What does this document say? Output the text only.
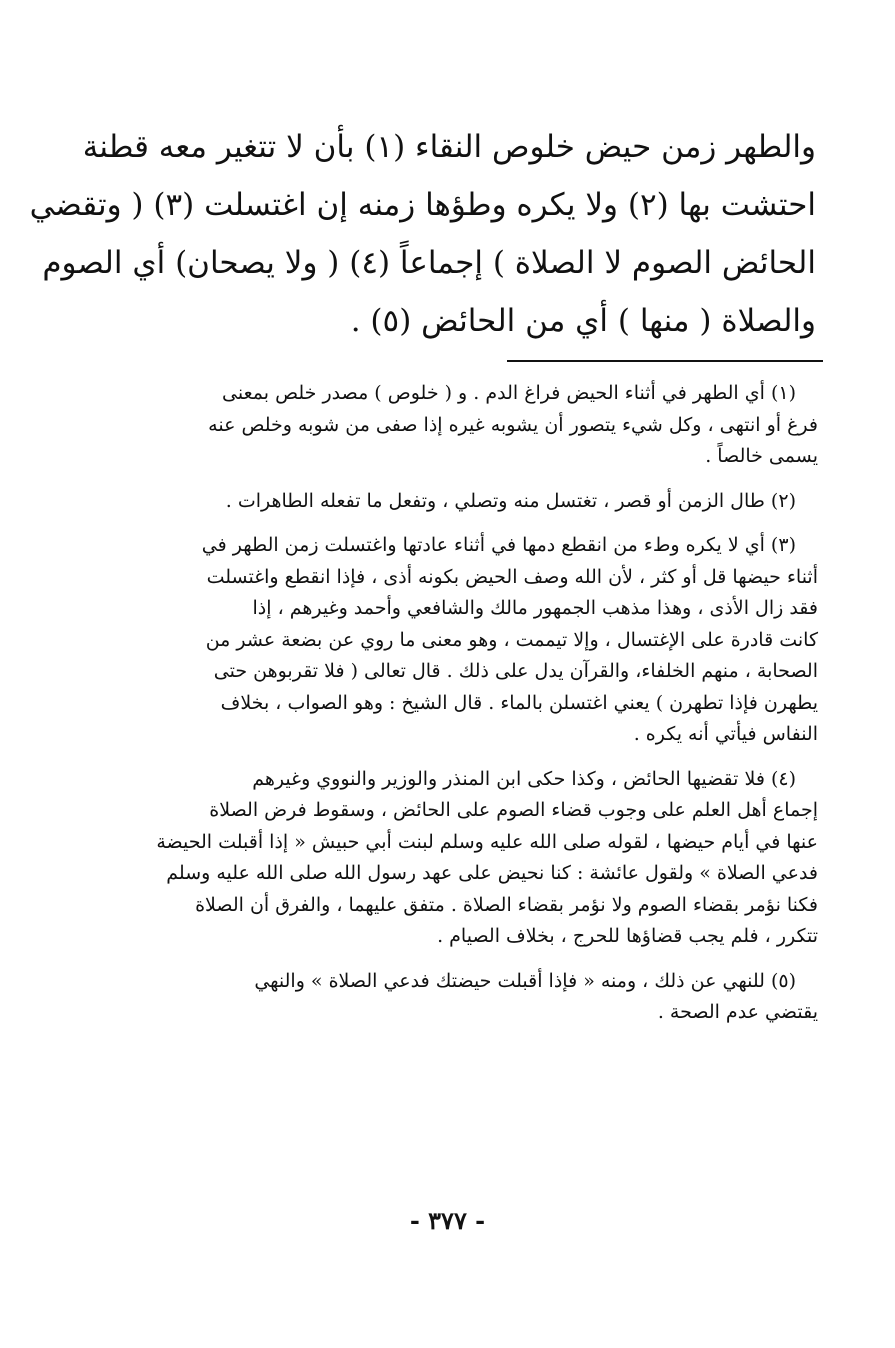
والطهر زمن حيض خلوص النقاء (١) بأن لا تتغير معه قطنة
احتشت بها (٢) ولا يكره وطؤها زمنه إن اغتسلت (٣) ( وتقضي
الحائض الصوم لا الصلاة ) إجماعاً (٤) ( ولا يصحان) أي الصوم
والصلاة ( منها ) أي من الحائض (٥) .
(١) أي الطهر في أثناء الحيض فراغ الدم . و ( خلوص ) مصدر خلص بمعنى
فرغ أو انتهى ، وكل شيء يتصور أن يشوبه غيره إذا صفى من شوبه وخلص عنه
يسمى خالصاً .
(٢) طال الزمن أو قصر ، تغتسل منه وتصلي ، وتفعل ما تفعله الطاهرات .
(٣) أي لا يكره وطء من انقطع دمها في أثناء عادتها واغتسلت زمن الطهر في
أثناء حيضها قل أو كثر ، لأن الله وصف الحيض بكونه أذى ، فإذا انقطع واغتسلت
فقد زال الأذى ، وهذا مذهب الجمهور مالك والشافعي وأحمد وغيرهم ، إذا
كانت قادرة على الإغتسال ، وإلا تيممت ، وهو معنى ما روي عن بضعة عشر من
الصحابة ، منهم الخلفاء، والقرآن يدل على ذلك . قال تعالى ( فلا تقربوهن حتى
يطهرن فإذا تطهرن ) يعني اغتسلن بالماء . قال الشيخ : وهو الصواب ، بخلاف
النفاس فيأتي أنه يكره .
(٤) فلا تقضيها الحائض ، وكذا حكى ابن المنذر والوزير والنووي وغيرهم
إجماع أهل العلم على وجوب قضاء الصوم على الحائض ، وسقوط فرض الصلاة
عنها في أيام حيضها ، لقوله صلى الله عليه وسلم لبنت أبي حبيش « إذا أقبلت الحيضة
فدعي الصلاة » ولقول عائشة : كنا نحيض على عهد رسول الله صلى الله عليه وسلم
فكنا نؤمر بقضاء الصوم ولا نؤمر بقضاء الصلاة . متفق عليهما ، والفرق أن الصلاة
تتكرر ، فلم يجب قضاؤها للحرج ، بخلاف الصيام .
(٥) للنهي عن ذلك ، ومنه « فإذا أقبلت حيضتك فدعي الصلاة » والنهي
يقتضي عدم الصحة .
- ٣٧٧ -
